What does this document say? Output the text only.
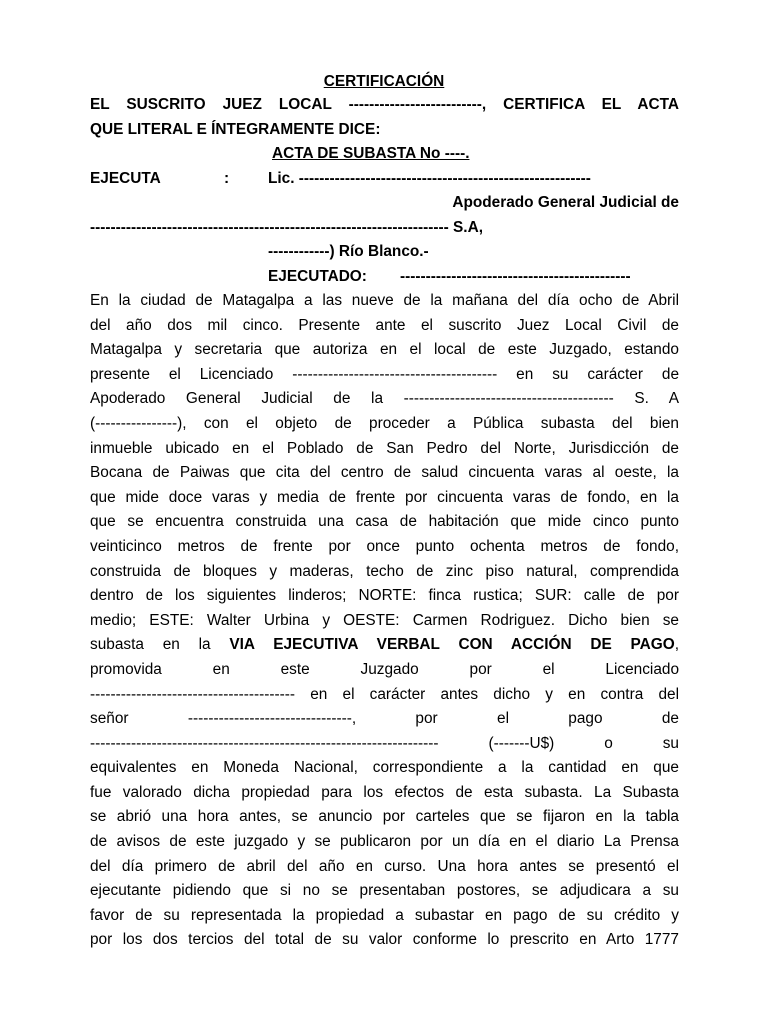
CERTIFICACIÓN
EL SUSCRITO JUEZ LOCAL --------------------------, CERTIFICA EL ACTA
QUE LITERAL E ÍNTEGRAMENTE DICE:
ACTA DE SUBASTA No ----.
EJECUTA	:	Lic. ---------------------------------------------------------
Apoderado General Judicial de
---------------------------------------------------------------------- S.A,
------------) Río Blanco.-
EJECUTADO: ---------------------------------------------
En la ciudad de Matagalpa a las nueve de la mañana del día ocho de Abril
del año dos mil cinco. Presente ante el suscrito Juez Local Civil de
Matagalpa y secretaria que autoriza en el local de este Juzgado, estando
presente el Licenciado ---------------------------------------- en su carácter de
Apoderado General Judicial de la ----------------------------------------- S. A
(----------------), con el objeto de proceder a Pública subasta del bien
inmueble ubicado en el Poblado de San Pedro del Norte, Jurisdicción de
Bocana de Paiwas que cita del centro de salud cincuenta varas al oeste, la
que mide doce varas y media de frente por cincuenta varas de fondo, en la
que se encuentra construida una casa de habitación que mide cinco punto
veinticinco metros de frente por once punto ochenta metros de fondo,
construida de bloques y maderas, techo de zinc piso natural, comprendida
dentro de los siguientes linderos; NORTE: finca rustica; SUR: calle de por
medio; ESTE: Walter Urbina y OESTE: Carmen Rodriguez. Dicho bien se
subasta en la VIA EJECUTIVA VERBAL CON ACCIÓN DE PAGO,
promovida en este Juzgado por el Licenciado
---------------------------------------- en el carácter antes dicho y en contra del
señor --------------------------------, por el pago de
-------------------------------------------------------------------- (-------U$) o su
equivalentes en Moneda Nacional, correspondiente a la cantidad en que
fue valorado dicha propiedad para los efectos de esta subasta. La Subasta
se abrió una hora antes, se anuncio por carteles que se fijaron en la tabla
de avisos de este juzgado y se publicaron por un día en el diario La Prensa
del día primero de abril del año en curso. Una hora antes se presentó el
ejecutante pidiendo que si no se presentaban postores, se adjudicara a su
favor de su representada la propiedad a subastar en pago de su crédito y
por los dos tercios del total de su valor conforme lo prescrito en Arto 1777
